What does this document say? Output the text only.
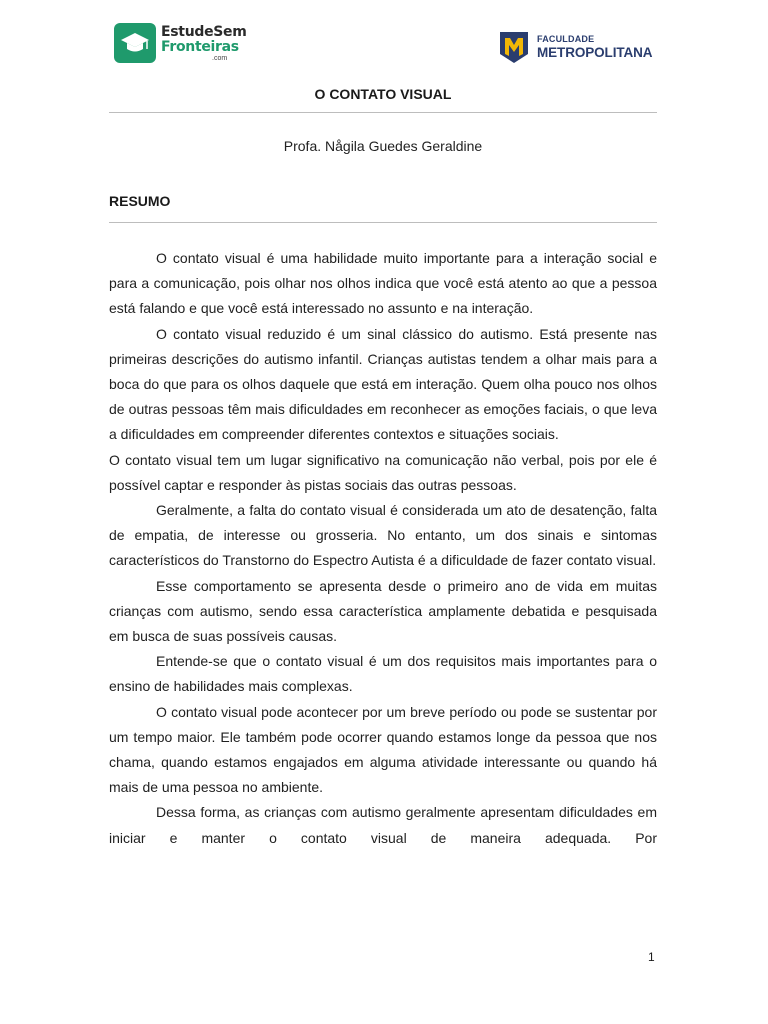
EstudeSem
Fronteiras
.com
FACULDADE
METROPOLITANA
O CONTATO VISUAL
Profa. Någila Guedes Geraldine
RESUMO

O contato visual é uma habilidade muito importante para a interação social e para a comunicação, pois olhar nos olhos indica que você está atento ao que a pessoa está falando e que você está interessado no assunto e na interação.

O contato visual reduzido é um sinal clássico do autismo. Está presente nas primeiras descrições do autismo infantil. Crianças autistas tendem a olhar mais para a boca do que para os olhos daquele que está em interação. Quem olha pouco nos olhos de outras pessoas têm mais dificuldades em reconhecer as emoções faciais, o que leva a dificuldades em compreender diferentes contextos e situações sociais.

O contato visual tem um lugar significativo na comunicação não verbal, pois por ele é possível captar e responder às pistas sociais das outras pessoas.

Geralmente, a falta do contato visual é considerada um ato de desatenção, falta de empatia, de interesse ou grosseria. No entanto, um dos sinais e sintomas característicos do Transtorno do Espectro Autista é a dificuldade de fazer contato visual.

Esse comportamento se apresenta desde o primeiro ano de vida em muitas crianças com autismo, sendo essa característica amplamente debatida e pesquisada em busca de suas possíveis causas.

Entende-se que o contato visual é um dos requisitos mais importantes para o ensino de habilidades mais complexas.

O contato visual pode acontecer por um breve período ou pode se sustentar por um tempo maior. Ele também pode ocorrer quando estamos longe da pessoa que nos chama, quando estamos engajados em alguma atividade interessante ou quando há mais de uma pessoa no ambiente.

Dessa forma, as crianças com autismo geralmente apresentam dificuldades em iniciar e manter o contato visual de maneira adequada. Por

1
